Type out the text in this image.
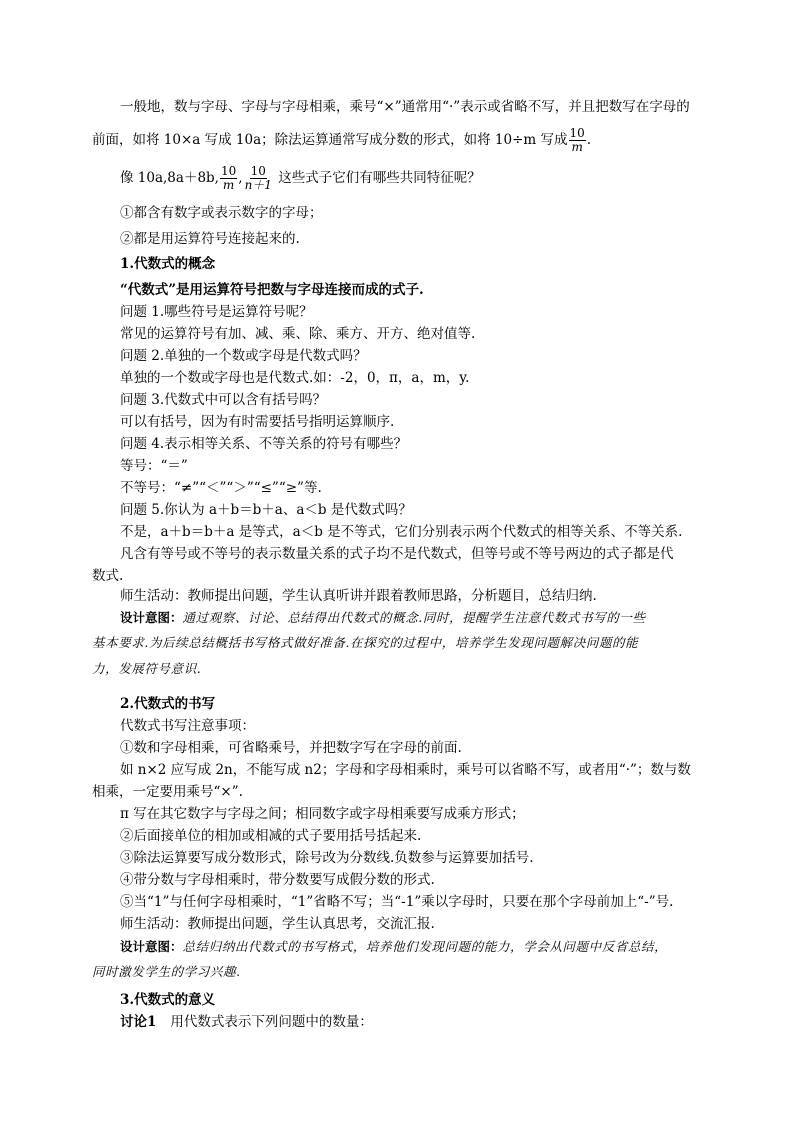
一般地，数与字母、字母与字母相乘，乘号“×”通常用“·”表示或省略不写，并且把数写在字母的
前面，如将 10×a 写成 10a；除法运算通常写成分数的形式，如将 10÷m 写成 $\frac{10}{m}$ .
像 10a,8a＋8b, $\frac{10}{m}$ , $\frac{10}{n+1}$ 这些式子它们有哪些共同特征呢？
①都含有数字或表示数字的字母；
②都是用运算符号连接起来的.
1.代数式的概念
“代数式”是用运算符号把数与字母连接而成的式子.
问题 1.哪些符号是运算符号呢？
常见的运算符号有加、减、乘、除、乘方、开方、绝对值等.
问题 2.单独的一个数或字母是代数式吗？
单独的一个数或字母也是代数式.如：-2，0，π，a，m，y.
问题 3.代数式中可以含有括号吗？
可以有括号，因为有时需要括号指明运算顺序.
问题 4.表示相等关系、不等关系的符号有哪些？
等号：“＝”
不等号：“≠”“＜”“＞”“≤”“≥”等.
问题 5.你认为 a＋b＝b＋a、a＜b 是代数式吗？
不是，a＋b＝b＋a 是等式，a＜b 是不等式，它们分别表示两个代数式的相等关系、不等关系.
凡含有等号或不等号的表示数量关系的式子均不是代数式，但等号或不等号两边的式子都是代
数式.
师生活动：教师提出问题，学生认真听讲并跟着教师思路，分析题目，总结归纳.
设计意图：通过观察、讨论、总结得出代数式的概念.同时，提醒学生注意代数式书写的一些
基本要求.为后续总结概括书写格式做好准备.在探究的过程中，培养学生发现问题解决问题的能
力，发展符号意识.
2.代数式的书写
代数式书写注意事项：
①数和字母相乘，可省略乘号，并把数字写在字母的前面.
如 n×2 应写成 2n，不能写成 n2；字母和字母相乘时，乘号可以省略不写，或者用“·”；数与数
相乘，一定要用乘号“×”.
π 写在其它数字与字母之间；相同数字或字母相乘要写成乘方形式；
②后面接单位的相加或相减的式子要用括号括起来.
③除法运算要写成分数形式，除号改为分数线.负数参与运算要加括号.
④带分数与字母相乘时，带分数要写成假分数的形式.
⑤当“1”与任何字母相乘时，“1”省略不写；当“-1”乘以字母时，只要在那个字母前加上“-”号.
师生活动：教师提出问题，学生认真思考，交流汇报.
设计意图：总结归纳出代数式的书写格式，培养他们发现问题的能力，学会从问题中反省总结，
同时激发学生的学习兴趣.
3.代数式的意义
讨论1 用代数式表示下列问题中的数量：
